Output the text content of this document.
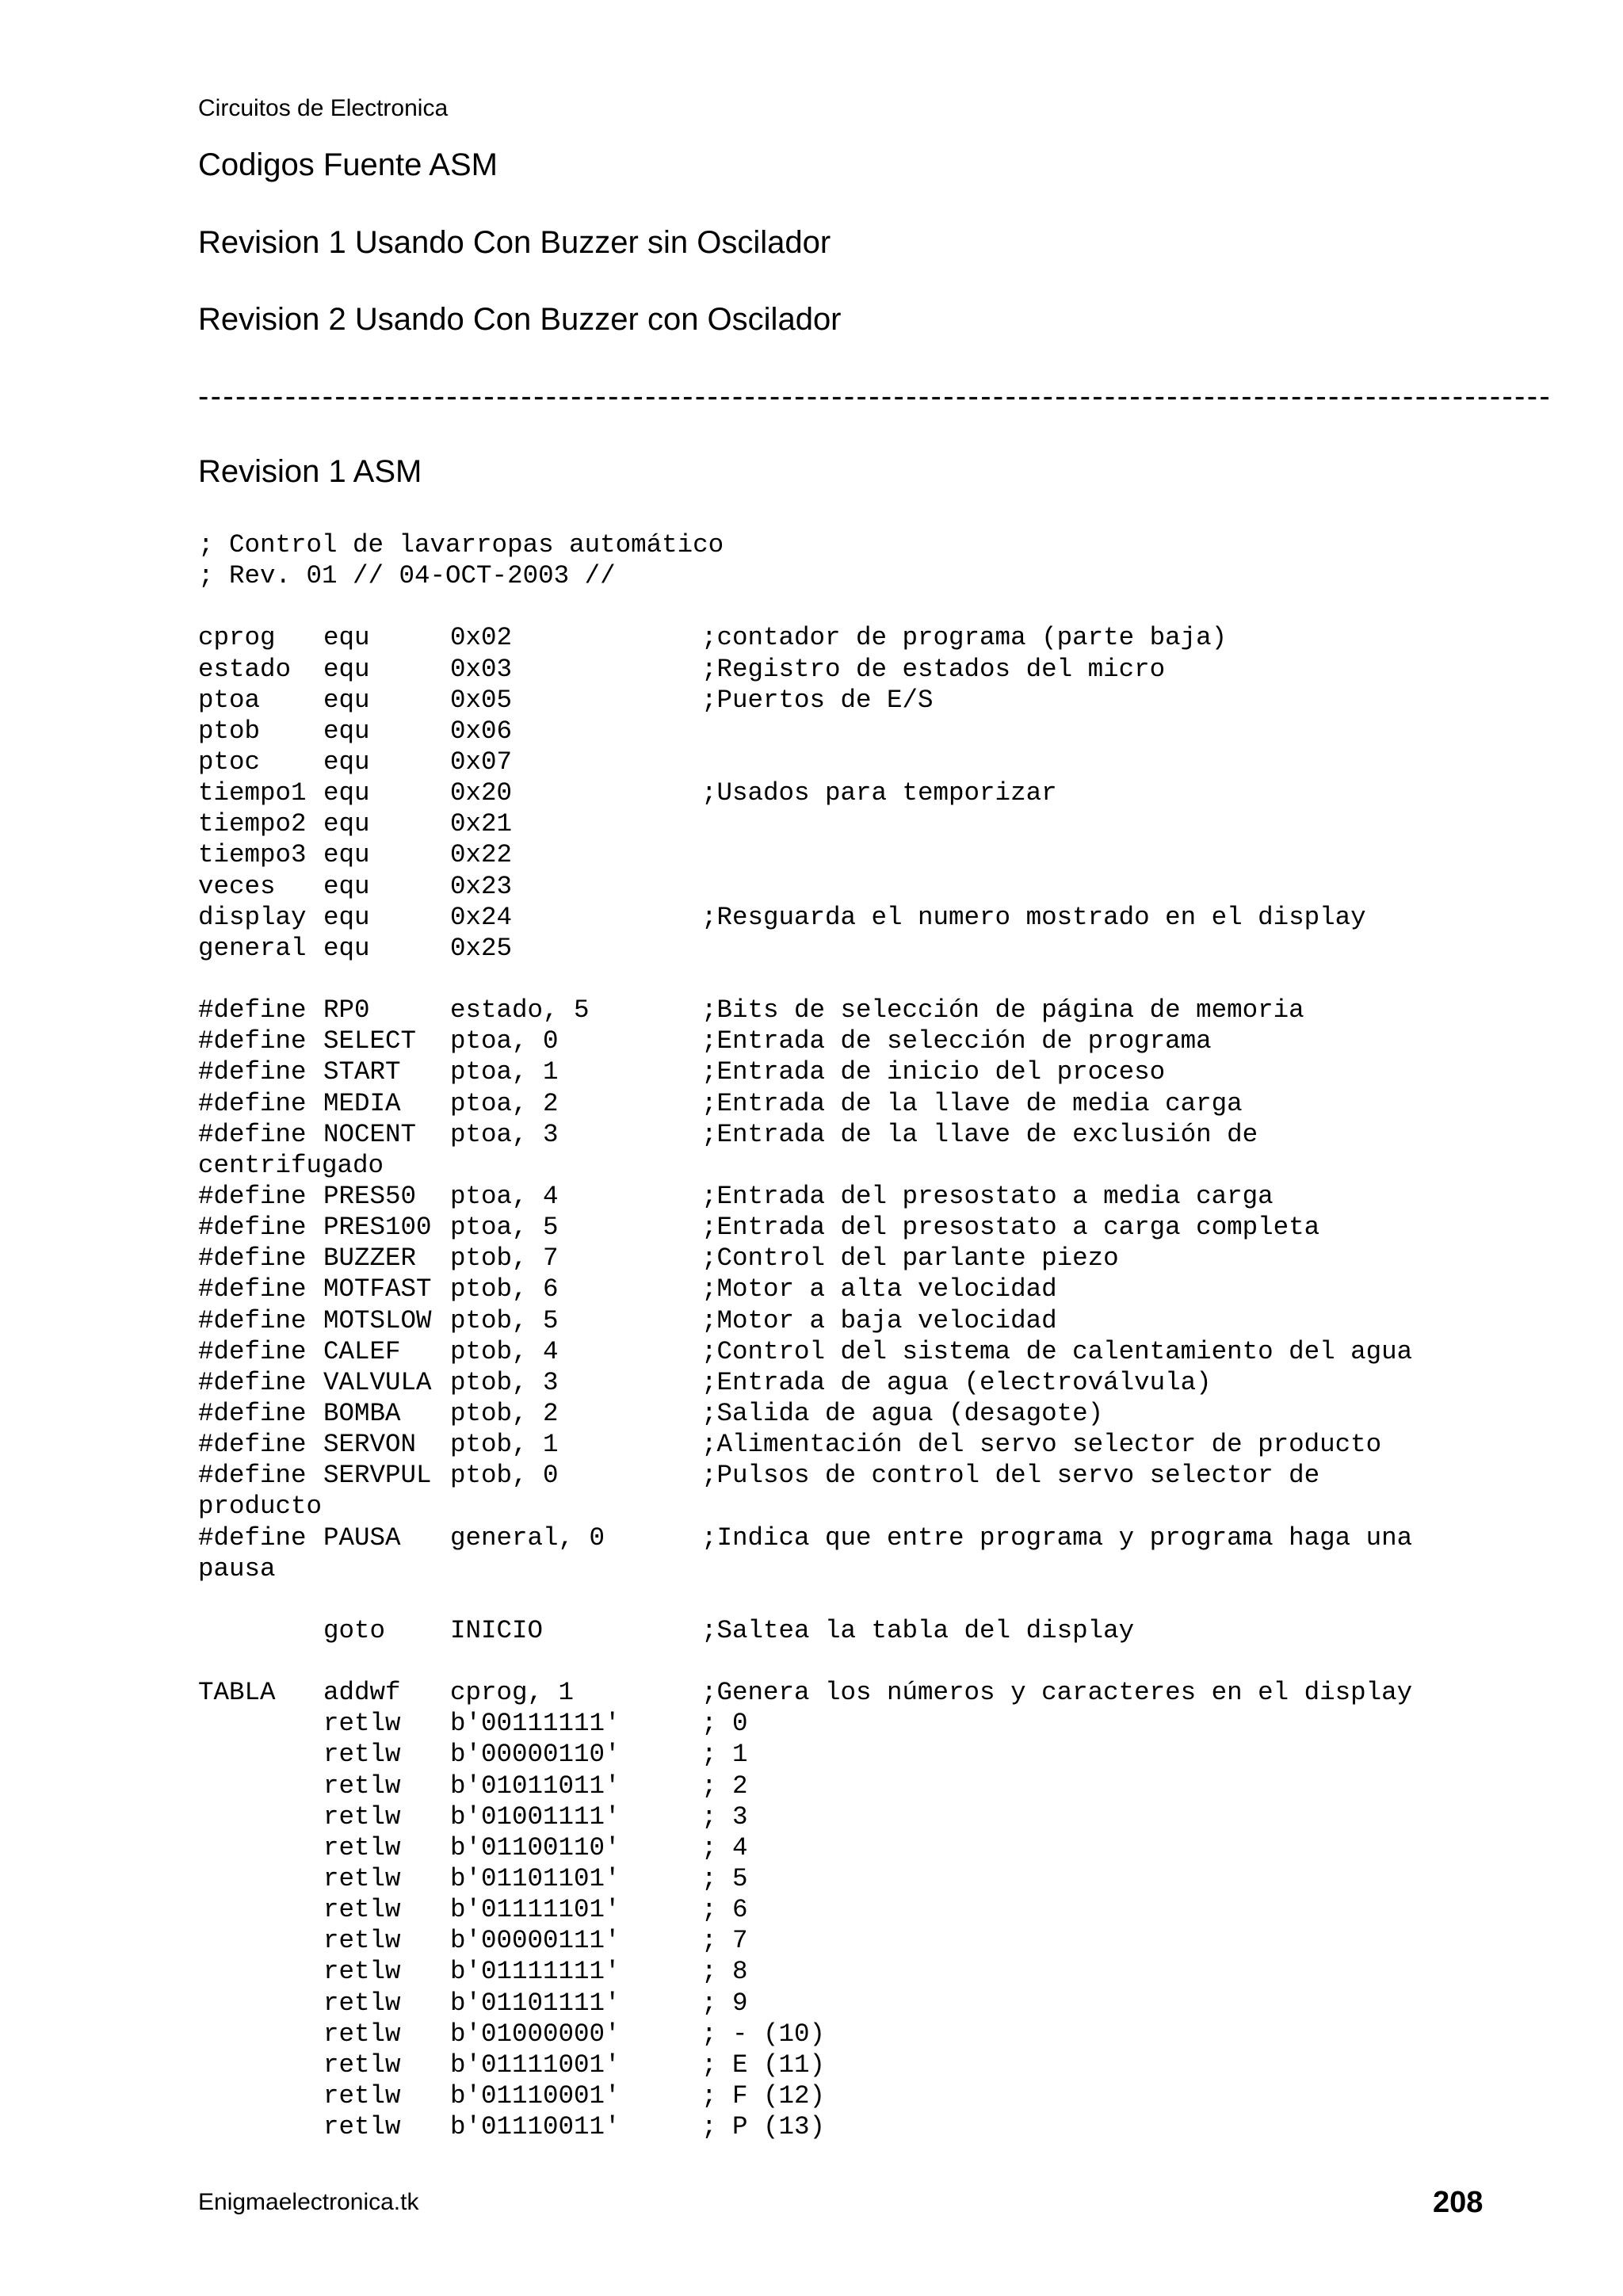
Circuitos de Electronica
Codigos Fuente ASM
Revision 1 Usando Con Buzzer sin Oscilador
Revision 2 Usando Con Buzzer con Oscilador
-------------------------------------------------------------------------------------------------------------
Revision 1 ASM
; Control de lavarropas automático
; Rev. 01 // 04-OCT-2003 //
cprog equ	0x02	;contador de programa (parte baja)
estado equ	0x03	;Registro de estados del micro
ptoa equ	0x05	;Puertos de E/S
ptob equ	0x06
ptoc equ	0x07
tiempo1 equ	0x20	;Usados para temporizar
tiempo2 equ	0x21
tiempo3 equ	0x22
veces equ	0x23
display equ	0x24	;Resguarda el numero mostrado en el display
general equ	0x25
#define RP0	estado, 5	;Bits de selección de página de memoria
#define SELECT ptoa, 0	;Entrada de selección de programa
#define START ptoa, 1	;Entrada de inicio del proceso
#define MEDIA ptoa, 2	;Entrada de la llave de media carga
#define NOCENT ptoa, 3	;Entrada de la llave de exclusión de
centrifugado
#define PRES50 ptoa, 4	;Entrada del presostato a media carga
#define PRES100 ptoa, 5	;Entrada del presostato a carga completa
#define BUZZER ptob, 7	;Control del parlante piezo
#define MOTFAST ptob, 6	;Motor a alta velocidad
#define MOTSLOW ptob, 5	;Motor a baja velocidad
#define CALEF ptob, 4	;Control del sistema de calentamiento del agua
#define VALVULA ptob, 3	;Entrada de agua (electroválvula)
#define BOMBA ptob, 2	;Salida de agua (desagote)
#define SERVON ptob, 1	;Alimentación del servo selector de producto
#define SERVPUL ptob, 0	;Pulsos de control del servo selector de
producto
#define PAUSA general, 0	;Indica que entre programa y programa haga una
pausa
goto	INICIO	;Saltea la tabla del display
TABLA addwf cprog, 1	;Genera los números y caracteres en el display
retlw b'00111111'	; 0
retlw b'00000110'	; 1
retlw b'01011011'	; 2
retlw b'01001111'	; 3
retlw b'01100110'	; 4
retlw b'01101101'	; 5
retlw b'01111101'	; 6
retlw b'00000111'	; 7
retlw b'01111111'	; 8
retlw b'01101111'	; 9
retlw b'01000000'	; - (10)
retlw b'01111001'	; E (11)
retlw b'01110001'	; F (12)
retlw b'01110011'	; P (13)
Enigmaelectronica.tk	208
